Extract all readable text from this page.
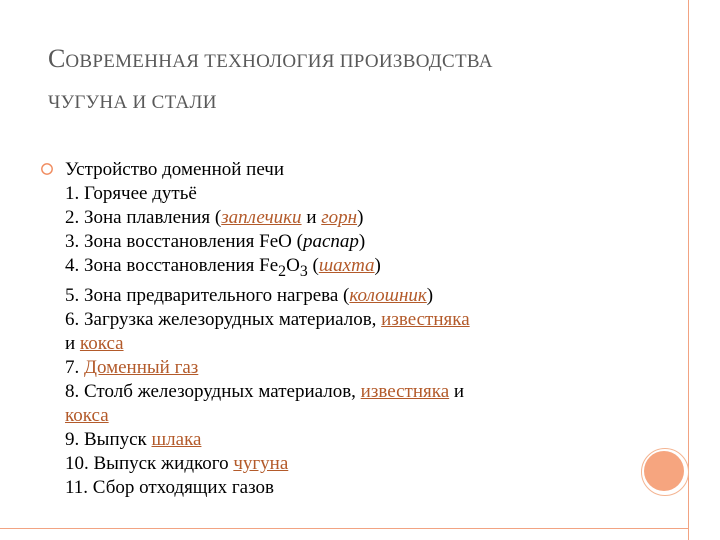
СОВРЕМЕННАЯ ТЕХНОЛОГИЯ ПРОИЗВОДСТВА
ЧУГУНА И СТАЛИ
Устройство доменной печи
1. Горячее дутьё
2. Зона плавления (заплечики и горн)
3. Зона восстановления FeO (распар)
4. Зона восстановления $Fe_2O_3$ (шахта)
5. Зона предварительного нагрева (колошник)
6. Загрузка железорудных материалов, известняка
и кокса
7. Доменный газ
8. Столб железорудных материалов, известняка и
кокса
9. Выпуск шлака
10. Выпуск жидкого чугуна
11. Сбор отходящих газов
